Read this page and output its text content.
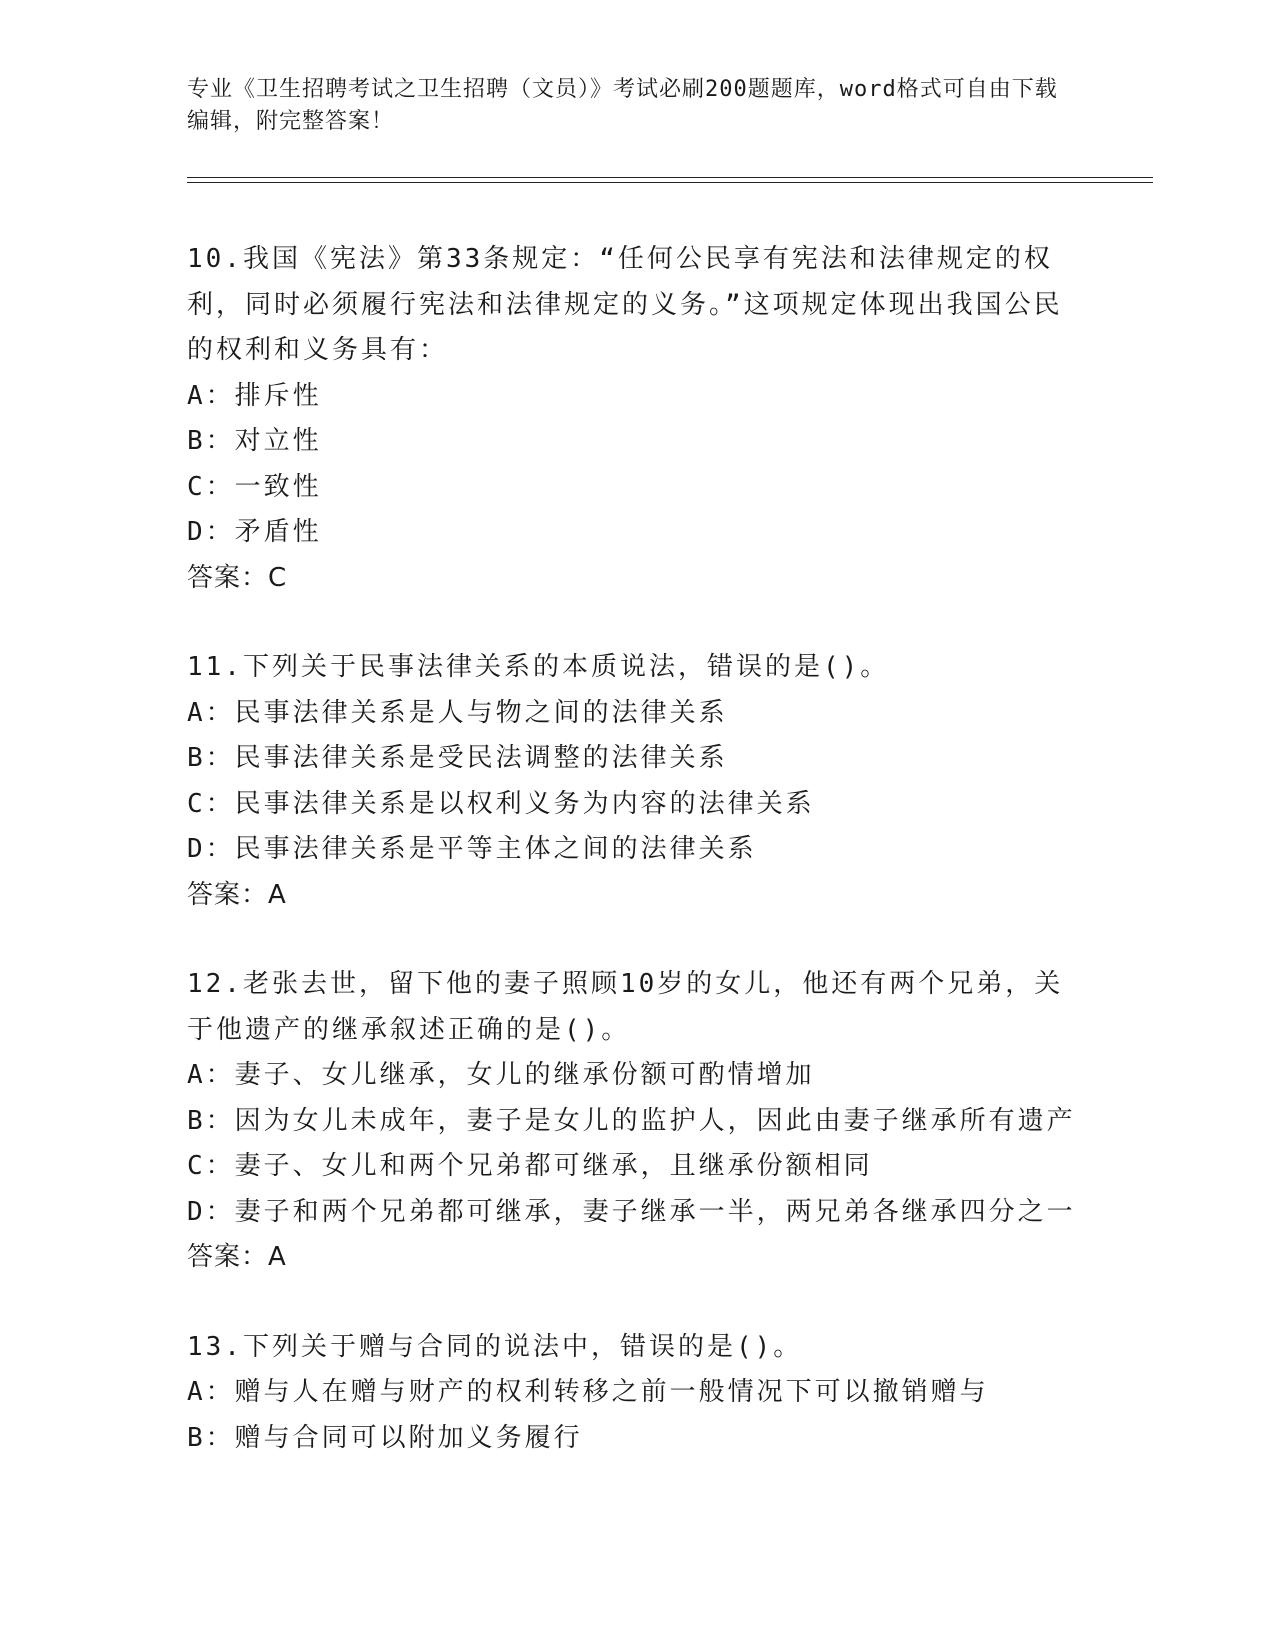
专业《卫生招聘考试之卫生招聘（文员）》考试必刷200题题库，word格式可自由下载编辑，附完整答案！
10.我国《宪法》第33条规定：“任何公民享有宪法和法律规定的权利，同时必须履行宪法和法律规定的义务。”这项规定体现出我国公民的权利和义务具有：
A：排斥性
B：对立性
C：一致性
D：矛盾性
答案：C
11.下列关于民事法律关系的本质说法，错误的是()。
A：民事法律关系是人与物之间的法律关系
B：民事法律关系是受民法调整的法律关系
C：民事法律关系是以权利义务为内容的法律关系
D：民事法律关系是平等主体之间的法律关系
答案：A
12.老张去世，留下他的妻子照顾10岁的女儿，他还有两个兄弟，关于他遗产的继承叙述正确的是()。
A：妻子、女儿继承，女儿的继承份额可酌情增加
B：因为女儿未成年，妻子是女儿的监护人，因此由妻子继承所有遗产
C：妻子、女儿和两个兄弟都可继承，且继承份额相同
D：妻子和两个兄弟都可继承，妻子继承一半，两兄弟各继承四分之一
答案：A
13.下列关于赠与合同的说法中，错误的是()。
A：赠与人在赠与财产的权利转移之前一般情况下可以撤销赠与
B：赠与合同可以附加义务履行
